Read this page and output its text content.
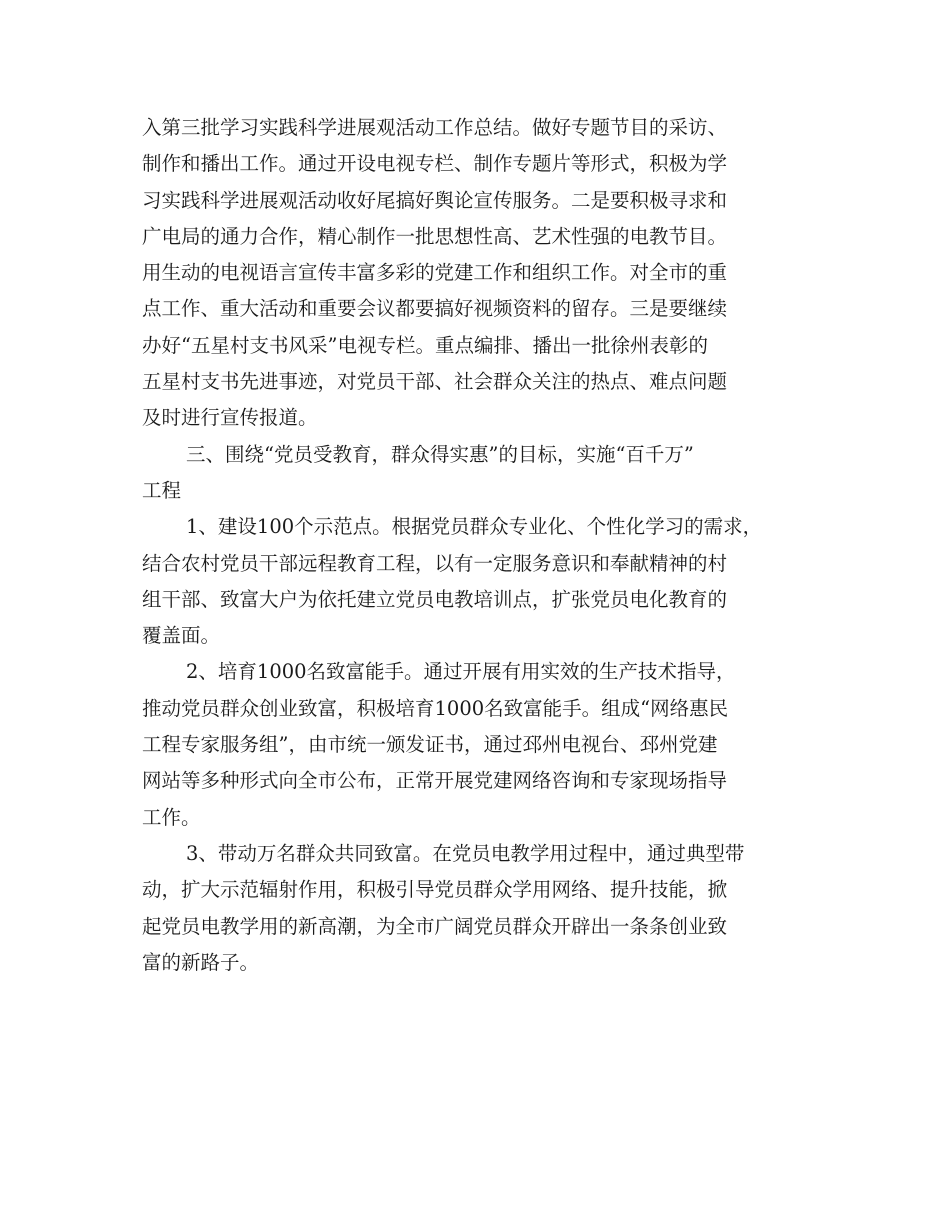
入第三批学习实践科学进展观活动工作总结。做好专题节目的采访、
制作和播出工作。通过开设电视专栏、制作专题片等形式，积极为学
习实践科学进展观活动收好尾搞好舆论宣传服务。二是要积极寻求和
广电局的通力合作，精心制作一批思想性高、艺术性强的电教节目。
用生动的电视语言宣传丰富多彩的党建工作和组织工作。对全市的重
点工作、重大活动和重要会议都要搞好视频资料的留存。三是要继续
办好“五星村支书风采”电视专栏。重点编排、播出一批徐州表彰的
五星村支书先进事迹，对党员干部、社会群众关注的热点、难点问题
及时进行宣传报道。

三、围绕“党员受教育，群众得实惠”的目标，实施“百千万”
工程

1、建设100个示范点。根据党员群众专业化、个性化学习的需求，
结合农村党员干部远程教育工程，以有一定服务意识和奉献精神的村
组干部、致富大户为依托建立党员电教培训点，扩张党员电化教育的
覆盖面。

2、培育1000名致富能手。通过开展有用实效的生产技术指导，
推动党员群众创业致富，积极培育1000名致富能手。组成“网络惠民
工程专家服务组”，由市统一颁发证书，通过邳州电视台、邳州党建
网站等多种形式向全市公布，正常开展党建网络咨询和专家现场指导
工作。

3、带动万名群众共同致富。在党员电教学用过程中，通过典型带
动，扩大示范辐射作用，积极引导党员群众学用网络、提升技能，掀
起党员电教学用的新高潮，为全市广阔党员群众开辟出一条条创业致
富的新路子。
